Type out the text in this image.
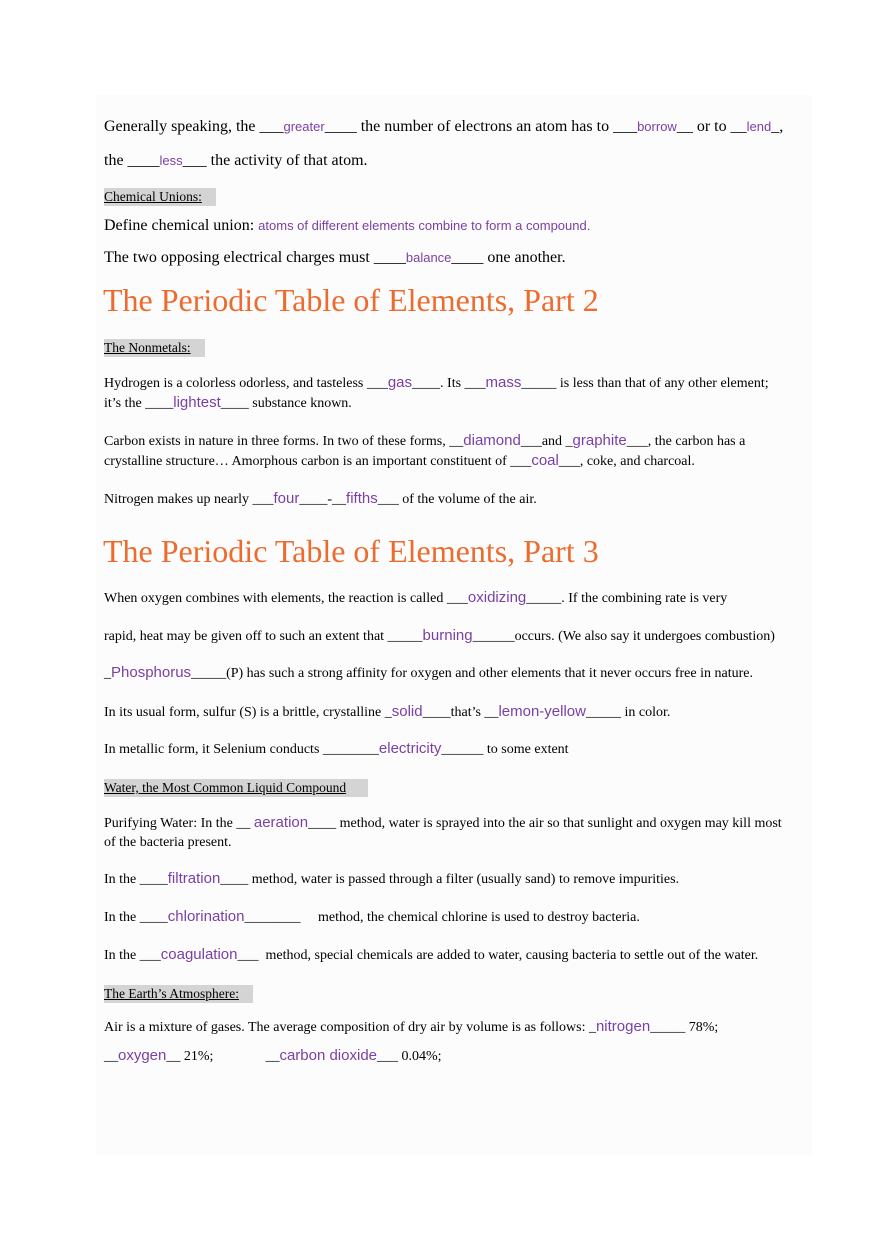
Generally speaking, the ___greater____ the number of electrons an atom has to ___borrow__ or to __lend_,
the ____less___ the activity of that atom.
Chemical Unions:
Define chemical union: atoms of different elements combine to form a compound.
The two opposing electrical charges must ____balance____ one another.
The Periodic Table of Elements, Part 2
The Nonmetals:
Hydrogen is a colorless odorless, and tasteless ___gas____. Its ___mass_____ is less than that of any other element;
it’s the ____lightest____ substance known.
Carbon exists in nature in three forms. In two of these forms, __diamond___and _graphite___, the carbon has a
crystalline structure… Amorphous carbon is an important constituent of ___coal___, coke, and charcoal.
Nitrogen makes up nearly ___four____-__fifths___ of the volume of the air.
The Periodic Table of Elements, Part 3
When oxygen combines with elements, the reaction is called ___oxidizing_____. If the combining rate is very
rapid, heat may be given off to such an extent that _____burning______occurs. (We also say it undergoes combustion)
_Phosphorus_____(P) has such a strong affinity for oxygen and other elements that it never occurs free in nature.
In its usual form, sulfur (S) is a brittle, crystalline _solid____that’s __lemon-yellow_____ in color.
In metallic form, it Selenium conducts ________electricity______ to some extent
Water, the Most Common Liquid Compound
Purifying Water: In the __ aeration____ method, water is sprayed into the air so that sunlight and oxygen may kill most
of the bacteria present.
In the ____filtration____ method, water is passed through a filter (usually sand) to remove impurities.
In the ____chlorination________     method, the chemical chlorine is used to destroy bacteria.
In the ___coagulation___  method, special chemicals are added to water, causing bacteria to settle out of the water.
The Earth’s Atmosphere:
Air is a mixture of gases. The average composition of dry air by volume is as follows: _nitrogen_____ 78%;
__oxygen__ 21%;	__carbon dioxide___ 0.04%;
